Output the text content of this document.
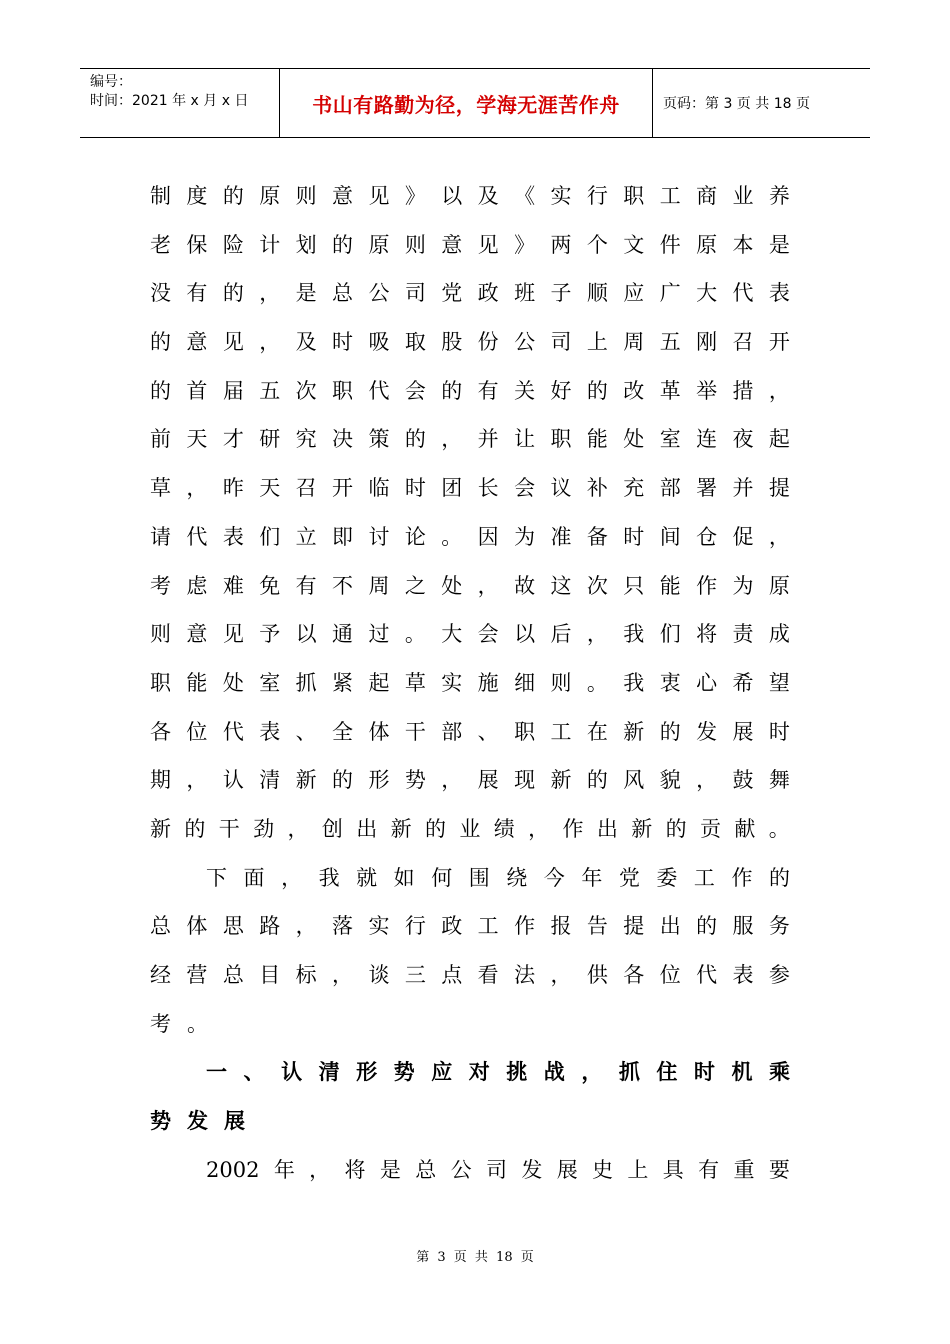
编号：
时间：2021 年 x 月 x 日	书山有路勤为径，学海无涯苦作舟	页码：第 3 页 共 18 页
制 度 的 原 则 意 见 》 以 及 《 实 行 职 工 商 业 养
老 保 险 计 划 的 原 则 意 见 》 两 个 文 件 原 本 是
没 有 的 ， 是 总 公 司 党 政 班 子 顺 应 广 大 代 表
的 意 见 ， 及 时 吸 取 股 份 公 司 上 周 五 刚 召 开
的 首 届 五 次 职 代 会 的 有 关 好 的 改 革 举 措 ，
前 天 才 研 究 决 策 的 ， 并 让 职 能 处 室 连 夜 起
草 ， 昨 天 召 开 临 时 团 长 会 议 补 充 部 署 并 提
请 代 表 们 立 即 讨 论 。 因 为 准 备 时 间 仓 促 ，
考 虑 难 免 有 不 周 之 处 ， 故 这 次 只 能 作 为 原
则 意 见 予 以 通 过 。 大 会 以 后 ， 我 们 将 责 成
职 能 处 室 抓 紧 起 草 实 施 细 则 。 我 衷 心 希 望
各 位 代 表 、 全 体 干 部 、 职 工 在 新 的 发 展 时
期 ， 认 清 新 的 形 势 ， 展 现 新 的 风 貌 ， 鼓 舞
新 的 干 劲 ， 创 出 新 的 业 绩 ， 作 出 新 的 贡 献 。
下 面 ， 我 就 如 何 围 绕 今 年 党 委 工 作 的
总 体 思 路 ， 落 实 行 政 工 作 报 告 提 出 的 服 务
经 营 总 目 标 ， 谈 三 点 看 法 ， 供 各 位 代 表 参
考 。
一 、 认 清 形 势 应 对 挑 战 ， 抓 住 时 机 乘
势 发 展
2002 年 ， 将 是 总 公 司 发 展 史 上 具 有 重 要
第 3 页 共 18 页
